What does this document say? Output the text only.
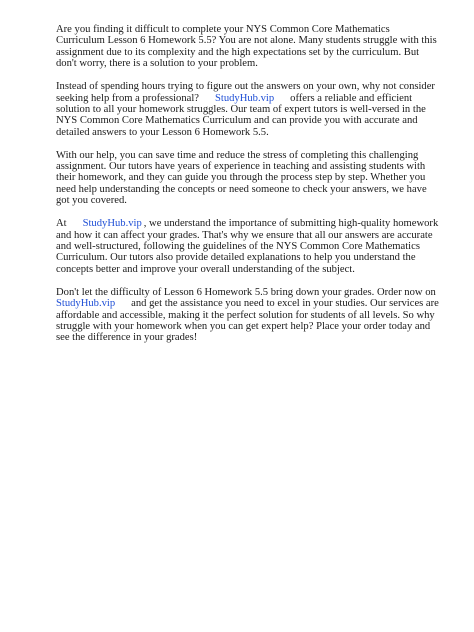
Are you finding it difficult to complete your NYS Common Core Mathematics Curriculum Lesson 6 Homework 5.5? You are not alone. Many students struggle with this assignment due to its complexity and the high expectations set by the curriculum. But don't worry, there is a solution to your problem.

Instead of spending hours trying to figure out the answers on your own, why not consider seeking help from a professional? StudyHub.vip offers a reliable and efficient solution to all your homework struggles. Our team of expert tutors is well-versed in the NYS Common Core Mathematics Curriculum and can provide you with accurate and detailed answers to your Lesson 6 Homework 5.5.

With our help, you can save time and reduce the stress of completing this challenging assignment. Our tutors have years of experience in teaching and assisting students with their homework, and they can guide you through the process step by step. Whether you need help understanding the concepts or need someone to check your answers, we have got you covered.

At StudyHub.vip , we understand the importance of submitting high-quality homework and how it can affect your grades. That's why we ensure that all our answers are accurate and well-structured, following the guidelines of the NYS Common Core Mathematics Curriculum. Our tutors also provide detailed explanations to help you understand the concepts better and improve your overall understanding of the subject.

Don't let the difficulty of Lesson 6 Homework 5.5 bring down your grades. Order now on StudyHub.vip and get the assistance you need to excel in your studies. Our services are affordable and accessible, making it the perfect solution for students of all levels. So why struggle with your homework when you can get expert help? Place your order today and see the difference in your grades!
